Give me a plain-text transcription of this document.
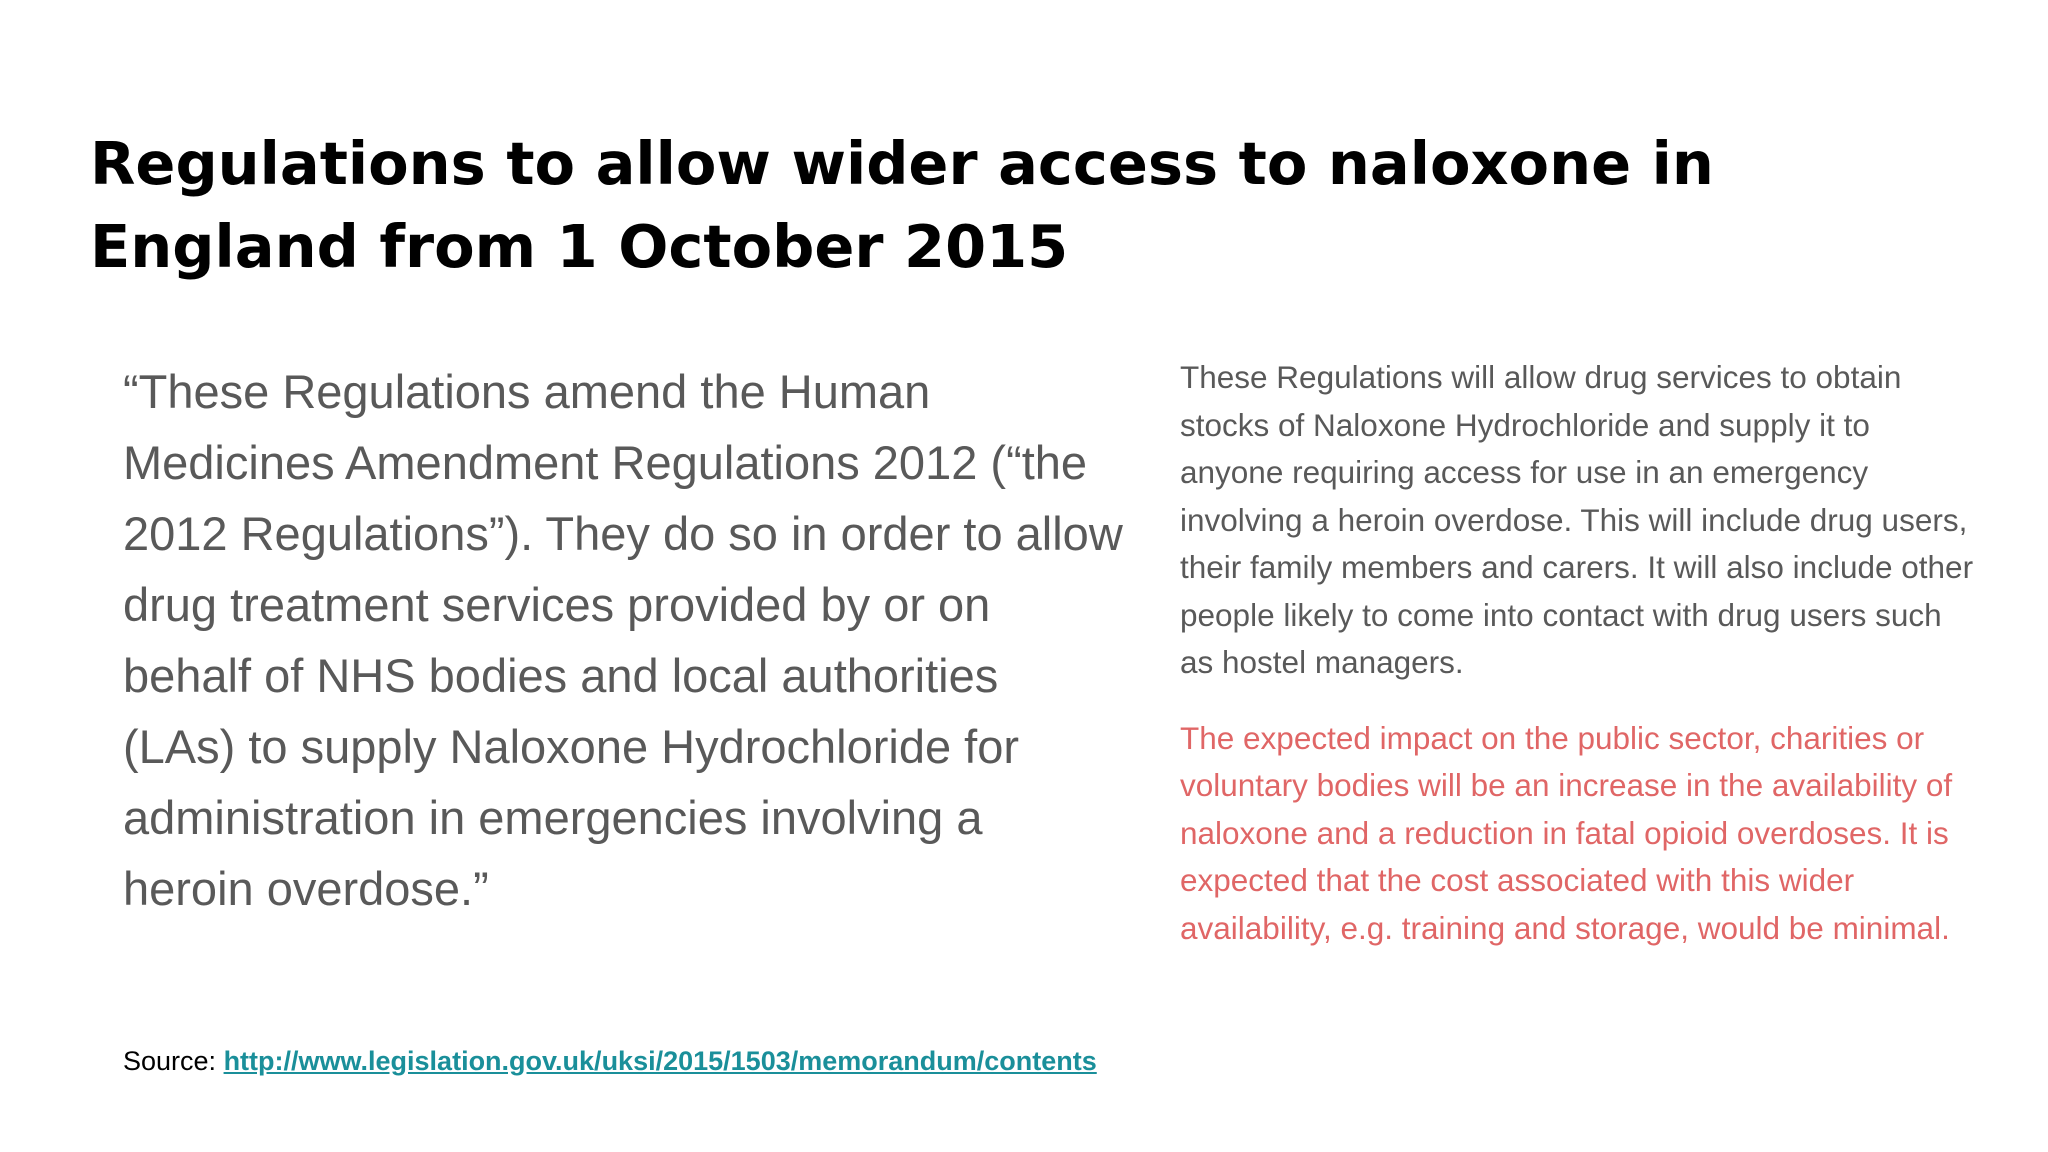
Regulations to allow wider access to naloxone in England from 1 October 2015

“These Regulations amend the Human Medicines Amendment Regulations 2012 (“the 2012 Regulations”). They do so in order to allow drug treatment services provided by or on behalf of NHS bodies and local authorities (LAs) to supply Naloxone Hydrochloride for administration in emergencies involving a heroin overdose.”

These Regulations will allow drug services to obtain stocks of Naloxone Hydrochloride and supply it to anyone requiring access for use in an emergency involving a heroin overdose. This will include drug users, their family members and carers. It will also include other people likely to come into contact with drug users such as hostel managers.

The expected impact on the public sector, charities or voluntary bodies will be an increase in the availability of naloxone and a reduction in fatal opioid overdoses. It is expected that the cost associated with this wider availability, e.g. training and storage, would be minimal.

Source: http://www.legislation.gov.uk/uksi/2015/1503/memorandum/contents
